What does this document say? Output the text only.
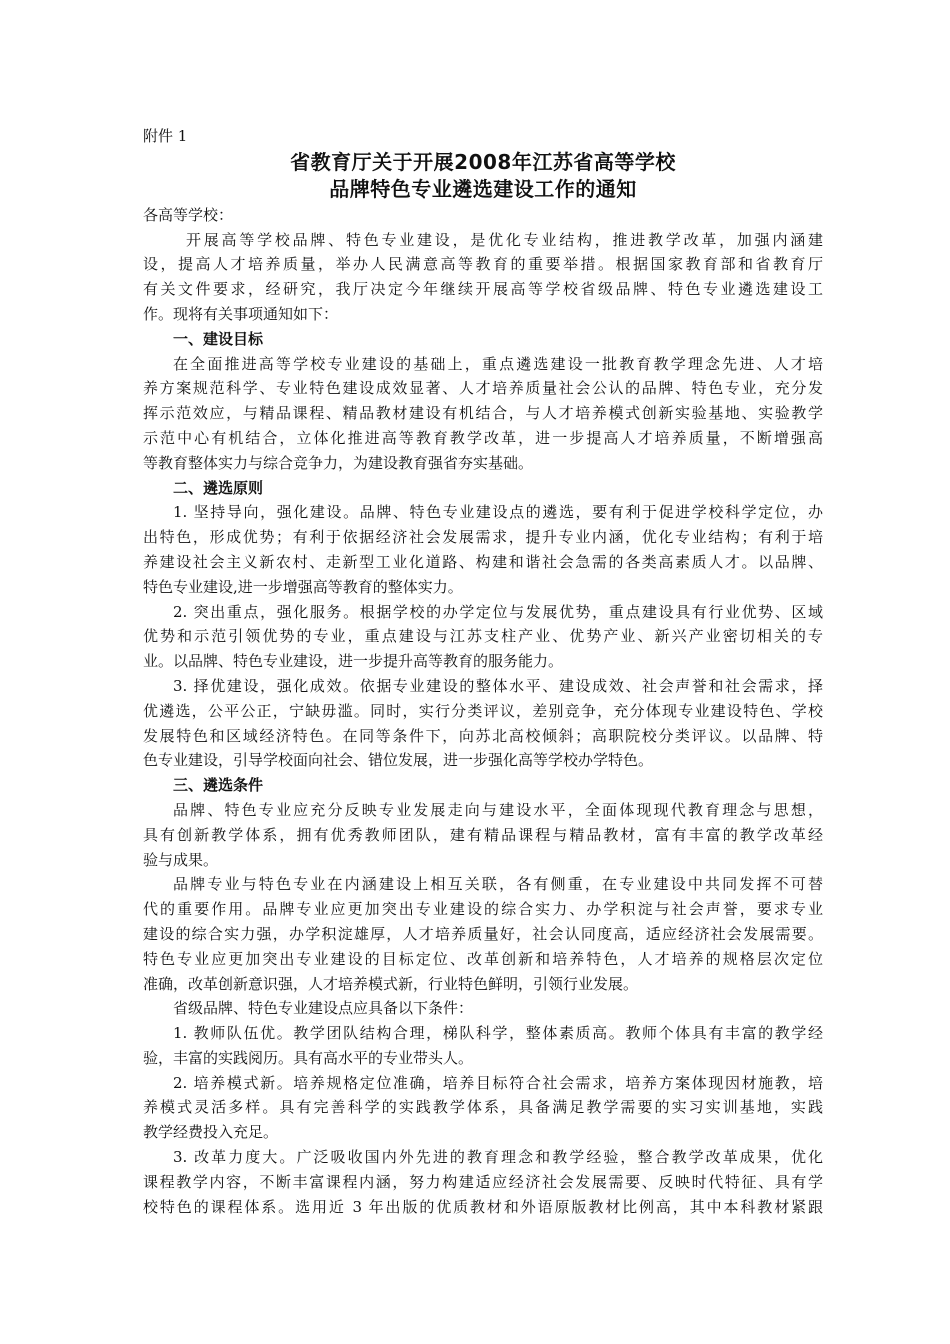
附件 1
省教育厅关于开展2008年江苏省高等学校
品牌特色专业遴选建设工作的通知
各高等学校：
开展高等学校品牌、特色专业建设，是优化专业结构，推进教学改革，加强内涵建
设，提高人才培养质量，举办人民满意高等教育的重要举措。根据国家教育部和省教育厅
有关文件要求，经研究，我厅决定今年继续开展高等学校省级品牌、特色专业遴选建设工
作。现将有关事项通知如下：
一、建设目标
在全面推进高等学校专业建设的基础上，重点遴选建设一批教育教学理念先进、人才培
养方案规范科学、专业特色建设成效显著、人才培养质量社会公认的品牌、特色专业，充分发
挥示范效应，与精品课程、精品教材建设有机结合，与人才培养模式创新实验基地、实验教学
示范中心有机结合，立体化推进高等教育教学改革，进一步提高人才培养质量，不断增强高
等教育整体实力与综合竞争力，为建设教育强省夯实基础。
二、遴选原则
1. 坚持导向，强化建设。品牌、特色专业建设点的遴选，要有利于促进学校科学定位，办
出特色，形成优势；有利于依据经济社会发展需求，提升专业内涵，优化专业结构；有利于培
养建设社会主义新农村、走新型工业化道路、构建和谐社会急需的各类高素质人才。以品牌、
特色专业建设,进一步增强高等教育的整体实力。
2. 突出重点，强化服务。根据学校的办学定位与发展优势，重点建设具有行业优势、区域
优势和示范引领优势的专业，重点建设与江苏支柱产业、优势产业、新兴产业密切相关的专
业。以品牌、特色专业建设，进一步提升高等教育的服务能力。
3. 择优建设，强化成效。依据专业建设的整体水平、建设成效、社会声誉和社会需求，择
优遴选，公平公正，宁缺毋滥。同时，实行分类评议，差别竞争，充分体现专业建设特色、学校
发展特色和区域经济特色。在同等条件下，向苏北高校倾斜；高职院校分类评议。以品牌、特
色专业建设，引导学校面向社会、错位发展，进一步强化高等学校办学特色。
三、遴选条件
品牌、特色专业应充分反映专业发展走向与建设水平，全面体现现代教育理念与思想，
具有创新教学体系，拥有优秀教师团队，建有精品课程与精品教材，富有丰富的教学改革经
验与成果。
品牌专业与特色专业在内涵建设上相互关联，各有侧重，在专业建设中共同发挥不可替
代的重要作用。品牌专业应更加突出专业建设的综合实力、办学积淀与社会声誉，要求专业
建设的综合实力强，办学积淀雄厚，人才培养质量好，社会认同度高，适应经济社会发展需要。
特色专业应更加突出专业建设的目标定位、改革创新和培养特色，人才培养的规格层次定位
准确，改革创新意识强，人才培养模式新，行业特色鲜明，引领行业发展。
省级品牌、特色专业建设点应具备以下条件：
1. 教师队伍优。教学团队结构合理，梯队科学，整体素质高。教师个体具有丰富的教学经
验，丰富的实践阅历。具有高水平的专业带头人。
2. 培养模式新。培养规格定位准确，培养目标符合社会需求，培养方案体现因材施教，培
养模式灵活多样。具有完善科学的实践教学体系，具备满足教学需要的实习实训基地，实践
教学经费投入充足。
3. 改革力度大。广泛吸收国内外先进的教育理念和教学经验，整合教学改革成果，优化
课程教学内容，不断丰富课程内涵，努力构建适应经济社会发展需要、反映时代特征、具有学
校特色的课程体系。选用近 3 年出版的优质教材和外语原版教材比例高，其中本科教材紧跟
